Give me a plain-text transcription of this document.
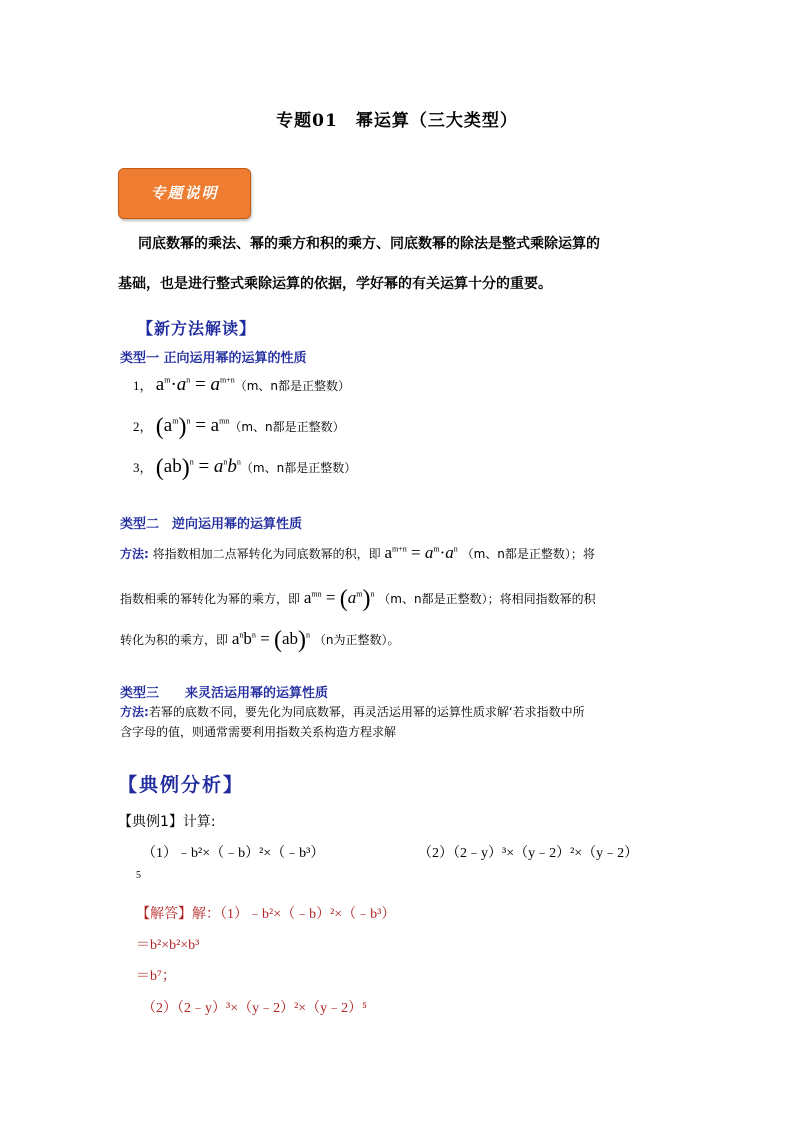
专题01　幂运算（三大类型）
专题说明
同底数幂的乘法、幂的乘方和积的乘方、同底数幂的除法是整式乘除运算的
基础，也是进行整式乘除运算的依据，学好幂的有关运算十分的重要。
【新方法解读】
类型一 正向运用幂的运算的性质
1， $a^m\cdot a^n = a^{m+n}(m$、n都是正整数）
2， $(a^m)^n = a^{mn}(m$、n都是正整数）
3， $(ab)^n = a^nb^n(m$、n都是正整数）
类型二　逆向运用幂的运算性质
方法: 将指数相加二点幂转化为同底数幂的积，即 $a^{m+n} = a^m\cdot a^n$ （m、n都是正整数）；将
指数相乘的幂转化为幂的乘方，即 $a^{mn} = (a^m)^n$ （m、n都是正整数）；将相同指数幂的积
转化为积的乘方，即 $a^nb^n = (ab)^n$ （n为正整数）。
类型三　　来灵活运用幂的运算性质
方法:若幂的底数不同，要先化为同底数幂，再灵活运用幂的运算性质求解‘若求指数中所
含字母的值，则通常需要利用指数关系构造方程求解
【典例分析】
【典例1】计算:
（1）﹣b²×（﹣b）²×（﹣b³）	（2）（2﹣y）³×（y﹣2）²×（y﹣2）
5
【解答】解：（1）﹣b²×（﹣b）²×（﹣b³）
＝b²×b²×b³
＝b⁷；
（2）（2﹣y）³×（y﹣2）²×（y﹣2）⁵
